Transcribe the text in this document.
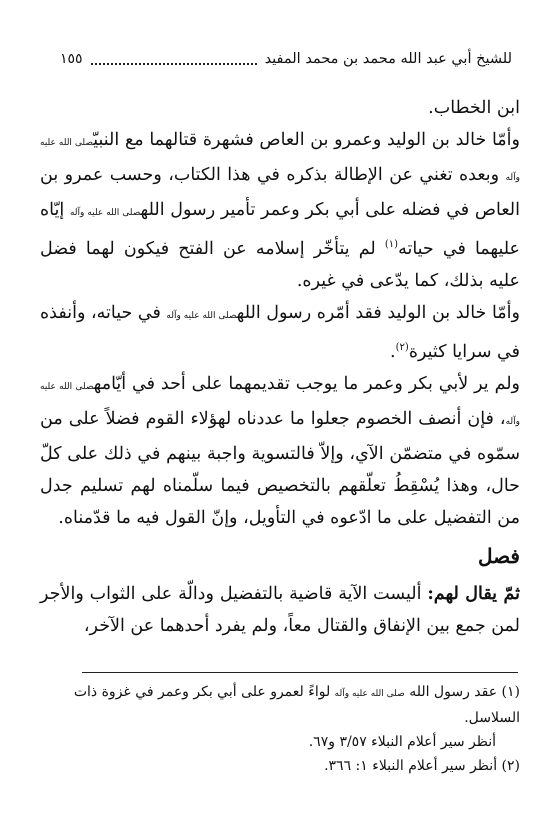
للشيخ أبي عبد الله محمد بن محمد المفيد
١٥٥

ابن الخطاب.

وأمّا خالد بن الوليد وعمرو بن العاص فشهرة قتالهما مع النبيّصلى الله عليه وآله وبعده تغني عن الإطالة بذكره في هذا الكتاب، وحسب عمرو بن العاص في فضله على أبي بكر وعمر تأمير رسول اللهصلى الله عليه وآله إيّاه عليهما في حياته$^{(١)}$ لم يتأخّر إسلامه عن الفتح فيكون لهما فضل عليه بذلك، كما يدّعى في غيره.

وأمّا خالد بن الوليد فقد أمّره رسول اللهصلى الله عليه وآله في حياته، وأنفذه في سرايا كثيرة$^{(٢)}$.

ولم ير لأبي بكر وعمر ما يوجب تقديمهما على أحد في أيّامهصلى الله عليه وآله، فإن أنصف الخصوم جعلوا ما عددناه لهؤلاء القوم فضلاً على من سمّوه في متضمّن الآي، وإلاّ فالتسوية واجبة بينهم في ذلك على كلّ حال، وهذا يُسْقِطُ تعلّقهم بالتخصيص فيما سلّمناه لهم تسليم جدل من التفضيل على ما ادّعوه في التأويل، وإنّ القول فيه ما قدّمناه.

فصل

ثمّ يقال لهم: أليست الآية قاضية بالتفضيل ودالّة على الثواب والأجر لمن جمع بين الإنفاق والقتال معاً، ولم يفرد أحدهما عن الآخر،

(١) عقد رسول الله صلى الله عليه وآله لواءً لعمرو على أبي بكر وعمر في غزوة ذات السلاسل.

أنظر سير أعلام النبلاء ٣/٥٧ و٦٧.

(٢) أنظر سير أعلام النبلاء ١: ٣٦٦.
